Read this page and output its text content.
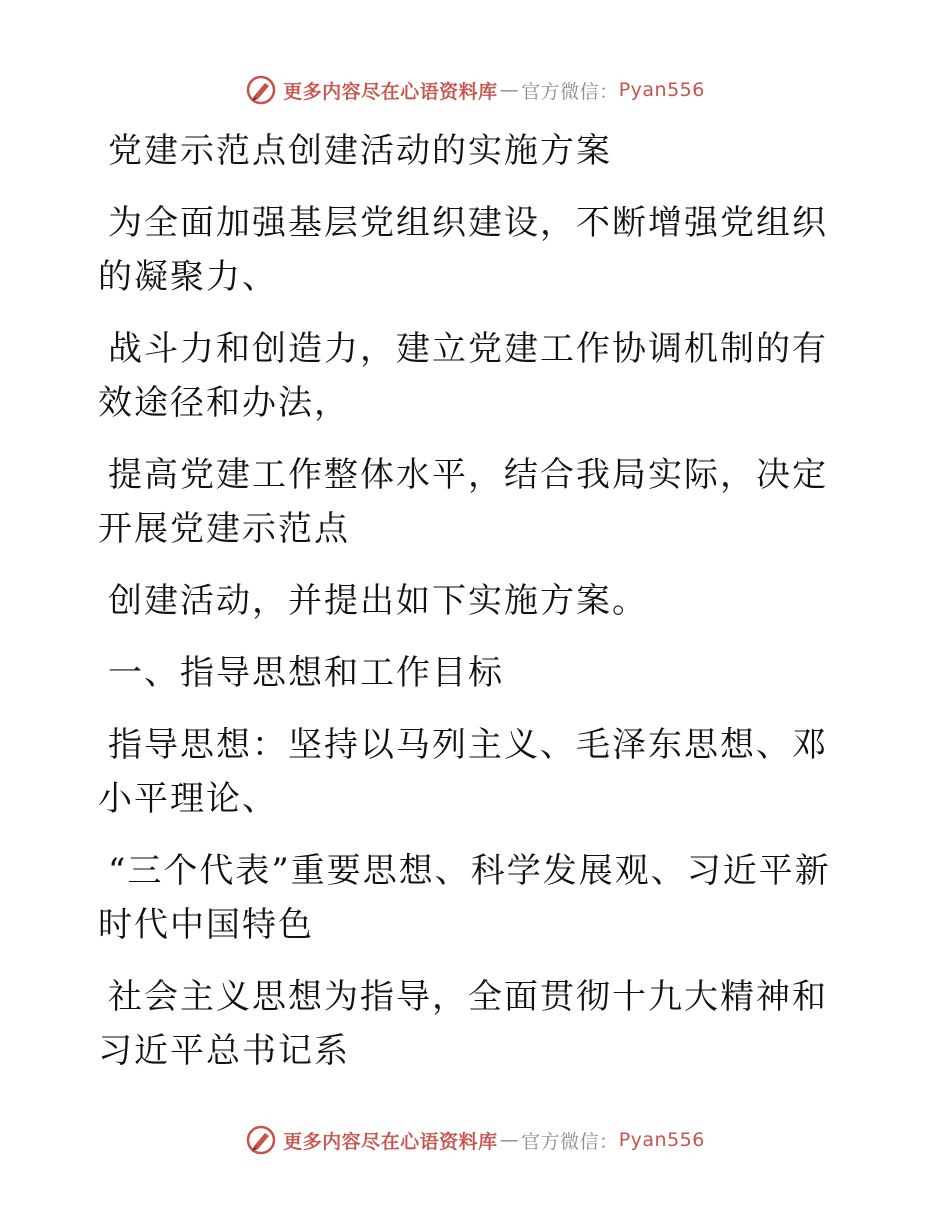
更多内容尽在心语资料库 — 官方微信： Pyan556

党建示范点创建活动的实施方案

为全面加强基层党组织建设，不断增强党组织的凝聚力、

战斗力和创造力，建立党建工作协调机制的有效途径和办法，

提高党建工作整体水平，结合我局实际，决定开展党建示范点

创建活动，并提出如下实施方案。

一、指导思想和工作目标

指导思想：坚持以马列主义、毛泽东思想、邓小平理论、

“三个代表”重要思想、科学发展观、习近平新时代中国特色

社会主义思想为指导，全面贯彻十九大精神和习近平总书记系

更多内容尽在心语资料库 — 官方微信： Pyan556
